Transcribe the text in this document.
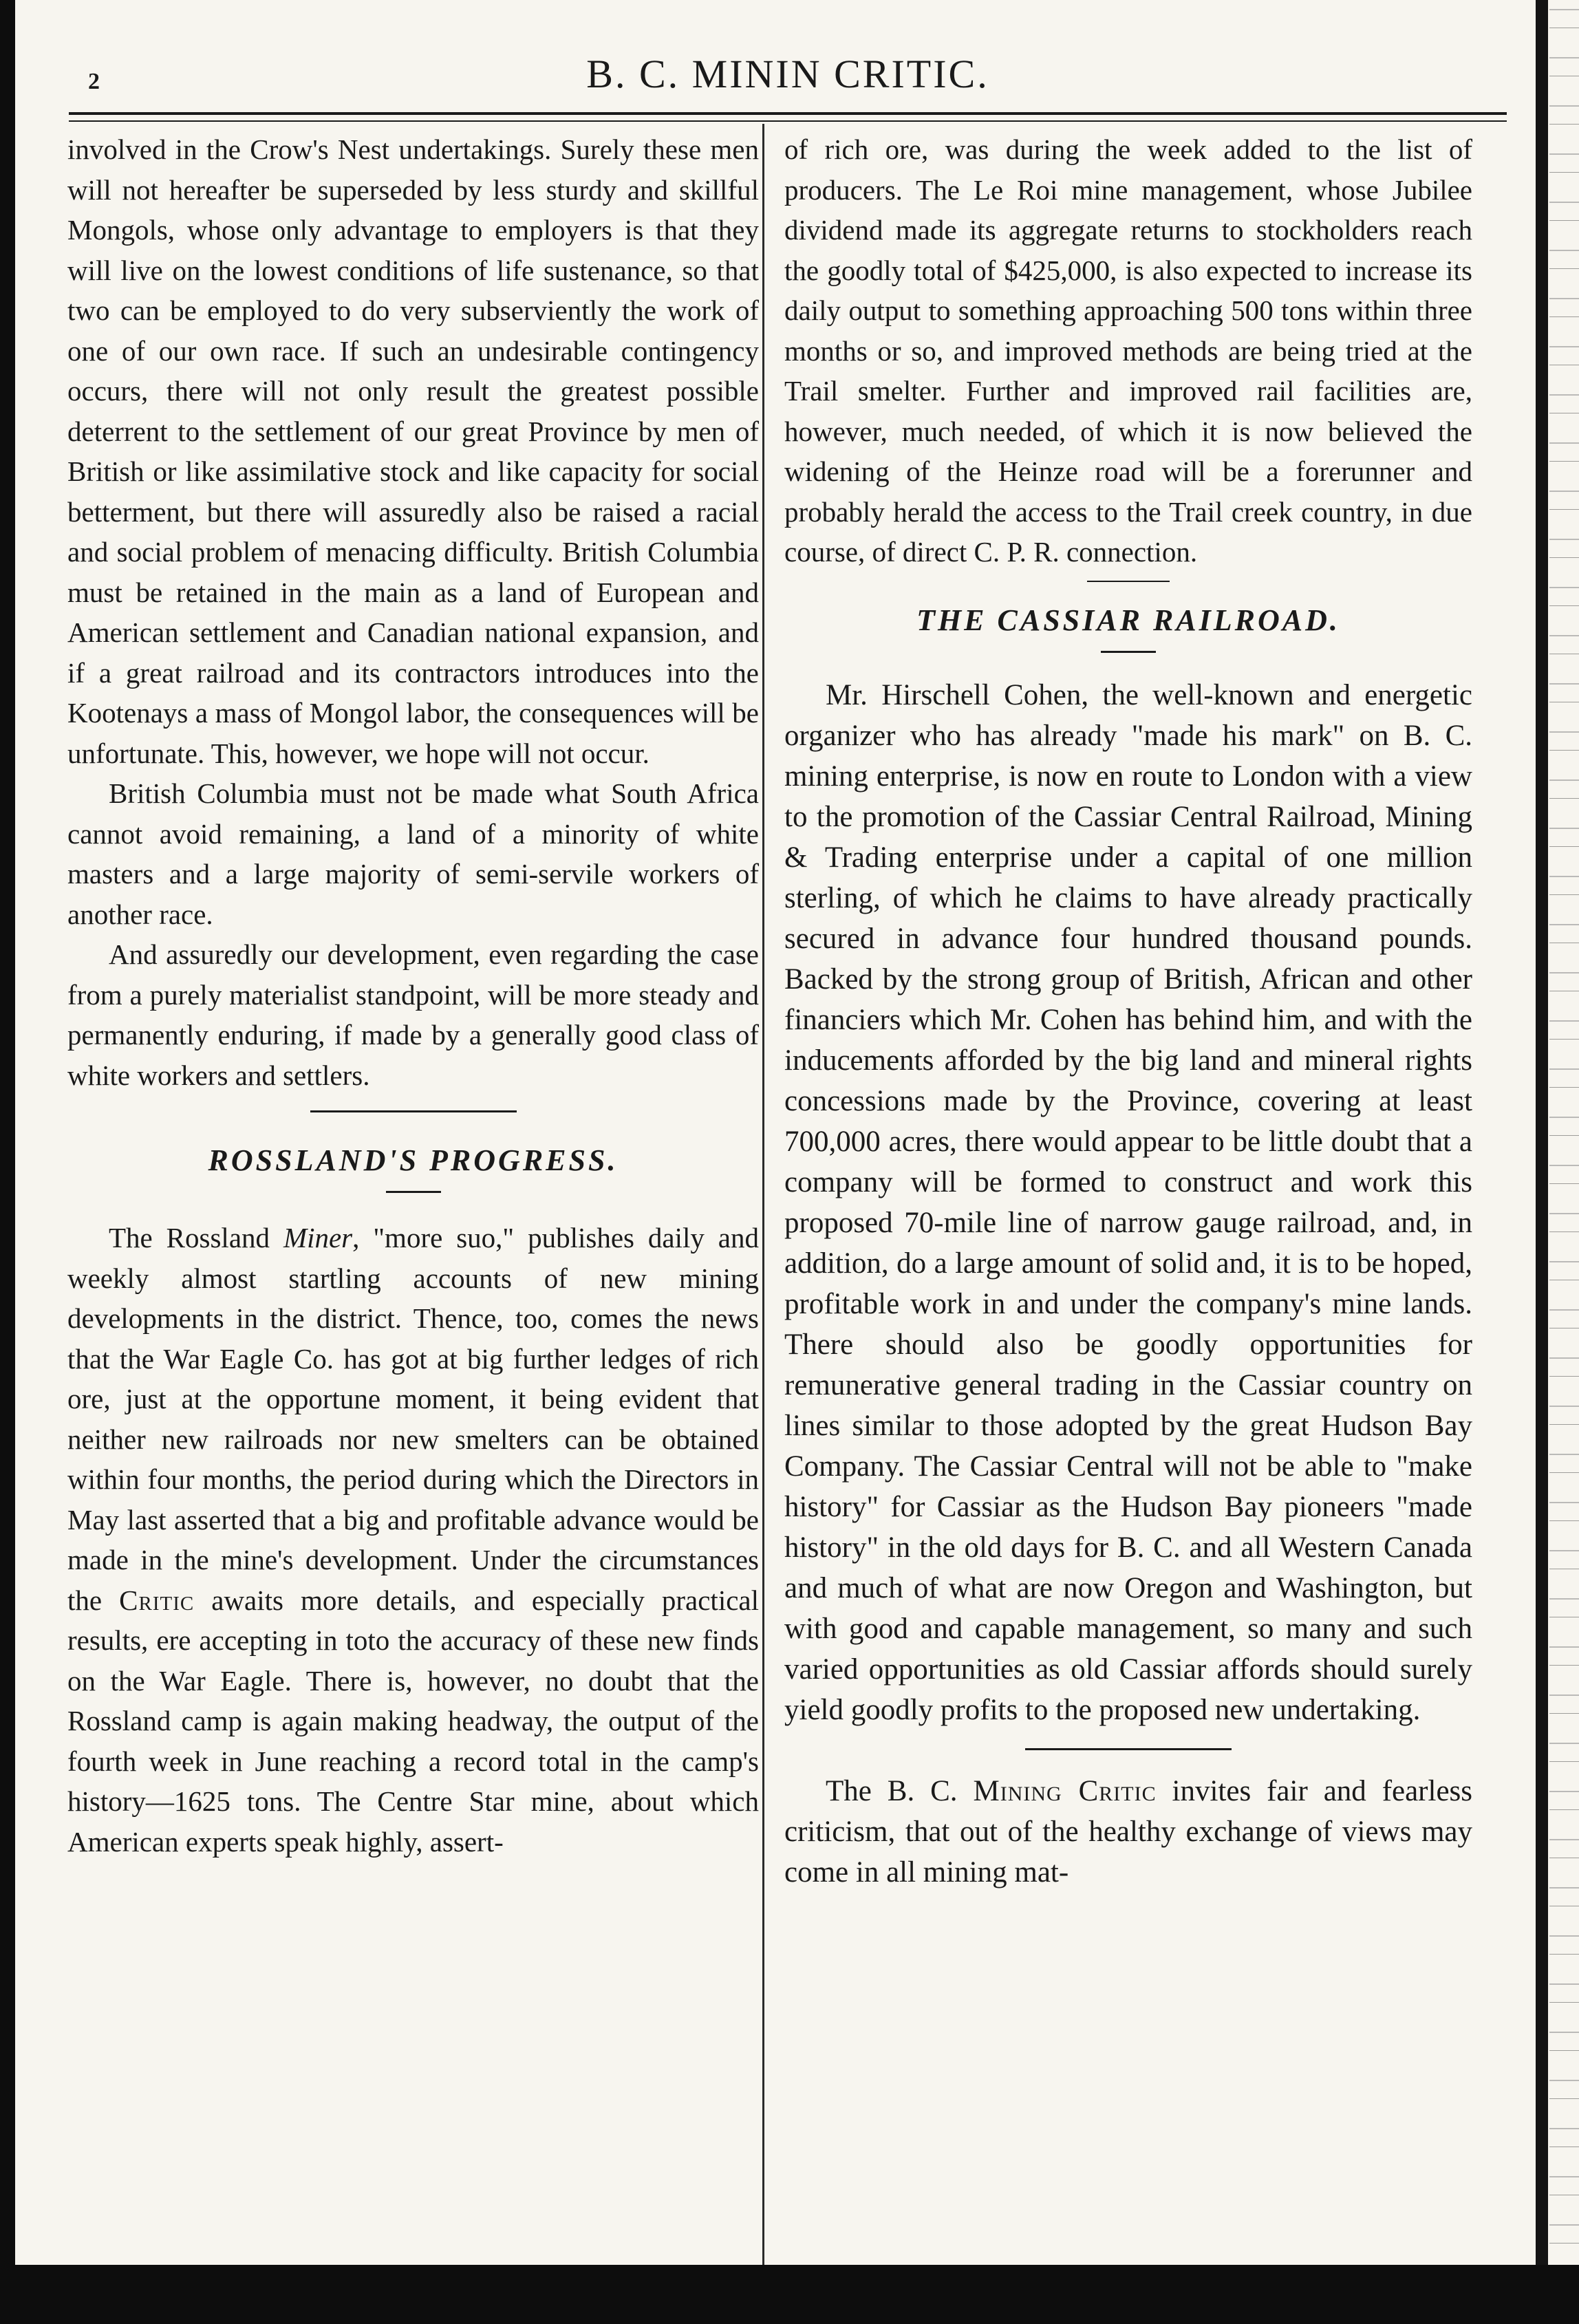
2	B. C. MININ CRITIC.

involved in the Crow's Nest undertakings. Surely these men will not hereafter be superseded by less sturdy and skillful Mongols, whose only advantage to employers is that they will live on the lowest conditions of life sustenance, so that two can be employed to do very subserviently the work of one of our own race. If such an undesirable contingency occurs, there will not only result the greatest possible deterrent to the settlement of our great Province by men of British or like assimilative stock and like capacity for social betterment, but there will assuredly also be raised a racial and social problem of menacing difficulty. British Columbia must be retained in the main as a land of European and American settlement and Canadian national expansion, and if a great railroad and its contractors introduces into the Kootenays a mass of Mongol labor, the consequences will be unfortunate. This, however, we hope will not occur.

British Columbia must not be made what South Africa cannot avoid remaining, a land of a minority of white masters and a large majority of semi-servile workers of another race.

And assuredly our development, even regarding the case from a purely materialist standpoint, will be more steady and permanently enduring, if made by a generally good class of white workers and settlers.

ROSSLAND'S PROGRESS.

The Rossland Miner, "more suo," publishes daily and weekly almost startling accounts of new mining developments in the district. Thence, too, comes the news that the War Eagle Co. has got at big further ledges of rich ore, just at the opportune moment, it being evident that neither new railroads nor new smelters can be obtained within four months, the period during which the Directors in May last asserted that a big and profitable advance would be made in the mine's development. Under the circumstances the Critic awaits more details, and especially practical results, ere accepting in toto the accuracy of these new finds on the War Eagle. There is, however, no doubt that the Rossland camp is again making headway, the output of the fourth week in June reaching a record total in the camp's history—1625 tons. The Centre Star mine, about which American experts speak highly, assert-

of rich ore, was during the week added to the list of producers. The Le Roi mine management, whose Jubilee dividend made its aggregate returns to stockholders reach the goodly total of $425,000, is also expected to increase its daily output to something approaching 500 tons within three months or so, and improved methods are being tried at the Trail smelter. Further and improved rail facilities are, however, much needed, of which it is now believed the widening of the Heinze road will be a forerunner and probably herald the access to the Trail creek country, in due course, of direct C. P. R. connection.

THE CASSIAR RAILROAD.

Mr. Hirschell Cohen, the well-known and energetic organizer who has already "made his mark" on B. C. mining enterprise, is now en route to London with a view to the promotion of the Cassiar Central Railroad, Mining & Trading enterprise under a capital of one million sterling, of which he claims to have already practically secured in advance four hundred thousand pounds. Backed by the strong group of British, African and other financiers which Mr. Cohen has behind him, and with the inducements afforded by the big land and mineral rights concessions made by the Province, covering at least 700,000 acres, there would appear to be little doubt that a company will be formed to construct and work this proposed 70-mile line of narrow gauge railroad, and, in addition, do a large amount of solid and, it is to be hoped, profitable work in and under the company's mine lands. There should also be goodly opportunities for remunerative general trading in the Cassiar country on lines similar to those adopted by the great Hudson Bay Company. The Cassiar Central will not be able to "make history" for Cassiar as the Hudson Bay pioneers "made history" in the old days for B. C. and all Western Canada and much of what are now Oregon and Washington, but with good and capable management, so many and such varied opportunities as old Cassiar affords should surely yield goodly profits to the proposed new undertaking.

The B. C. Mining Critic invites fair and fearless criticism, that out of the healthy exchange of views may come in all mining mat-
